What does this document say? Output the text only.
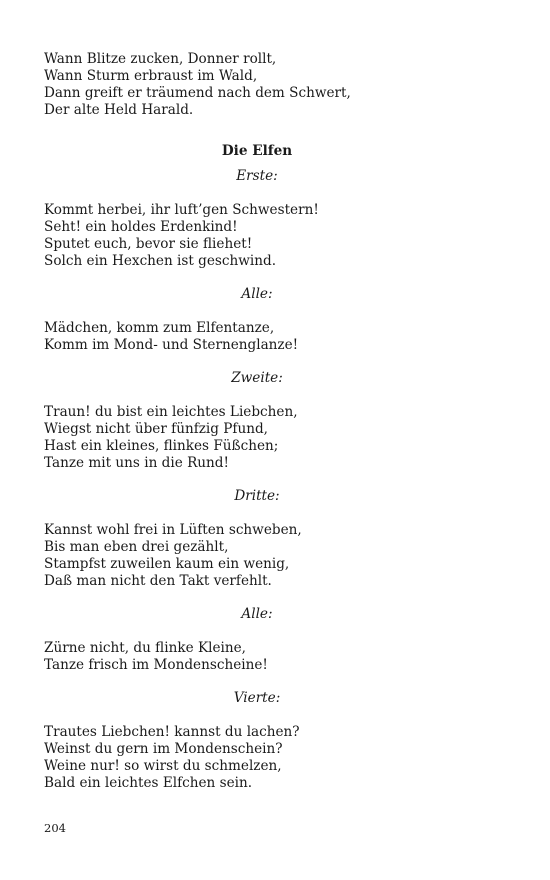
Wann Blitze zucken, Donner rollt,
Wann Sturm erbraust im Wald,
Dann greift er träumend nach dem Schwert,
Der alte Held Harald.
Die Elfen
Erste:
Kommt herbei, ihr luft’gen Schwestern!
Seht! ein holdes Erdenkind!
Sputet euch, bevor sie fliehet!
Solch ein Hexchen ist geschwind.
Alle:
Mädchen, komm zum Elfentanze,
Komm im Mond- und Sternenglanze!
Zweite:
Traun! du bist ein leichtes Liebchen,
Wiegst nicht über fünfzig Pfund,
Hast ein kleines, flinkes Füßchen;
Tanze mit uns in die Rund!
Dritte:
Kannst wohl frei in Lüften schweben,
Bis man eben drei gezählt,
Stampfst zuweilen kaum ein wenig,
Daß man nicht den Takt verfehlt.
Alle:
Zürne nicht, du flinke Kleine,
Tanze frisch im Mondenscheine!
Vierte:
Trautes Liebchen! kannst du lachen?
Weinst du gern im Mondenschein?
Weine nur! so wirst du schmelzen,
Bald ein leichtes Elfchen sein.
204
